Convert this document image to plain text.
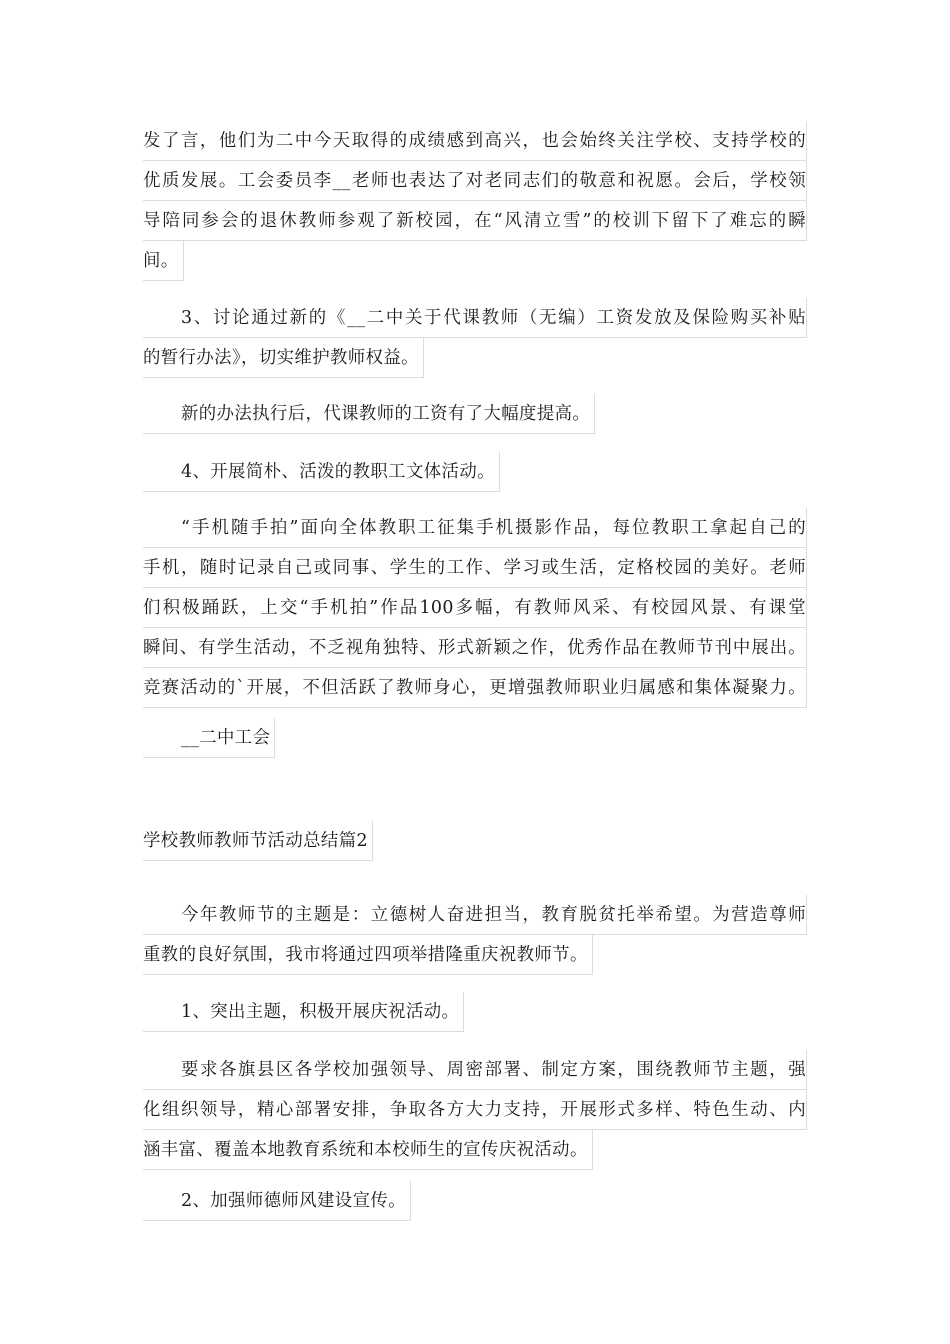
发了言，他们为二中今天取得的成绩感到高兴，也会始终关注学校、支持学校的
优质发展。工会委员李__老师也表达了对老同志们的敬意和祝愿。会后，学校领
导陪同参会的退休教师参观了新校园，在“风清立雪”的校训下留下了难忘的瞬
间。
3、讨论通过新的《__二中关于代课教师（无编）工资发放及保险购买补贴
的暂行办法》，切实维护教师权益。
新的办法执行后，代课教师的工资有了大幅度提高。
4、开展简朴、活泼的教职工文体活动。
“手机随手拍”面向全体教职工征集手机摄影作品，每位教职工拿起自己的
手机，随时记录自己或同事、学生的工作、学习或生活，定格校园的美好。老师
们积极踊跃，上交“手机拍”作品100多幅，有教师风采、有校园风景、有课堂
瞬间、有学生活动，不乏视角独特、形式新颖之作，优秀作品在教师节刊中展出。
竞赛活动的`开展，不但活跃了教师身心，更增强教师职业归属感和集体凝聚力。
__二中工会
学校教师教师节活动总结篇2
今年教师节的主题是：立德树人奋进担当，教育脱贫托举希望。为营造尊师
重教的良好氛围，我市将通过四项举措隆重庆祝教师节。
1、突出主题，积极开展庆祝活动。
要求各旗县区各学校加强领导、周密部署、制定方案，围绕教师节主题，强
化组织领导，精心部署安排，争取各方大力支持，开展形式多样、特色生动、内
涵丰富、覆盖本地教育系统和本校师生的宣传庆祝活动。
2、加强师德师风建设宣传。
